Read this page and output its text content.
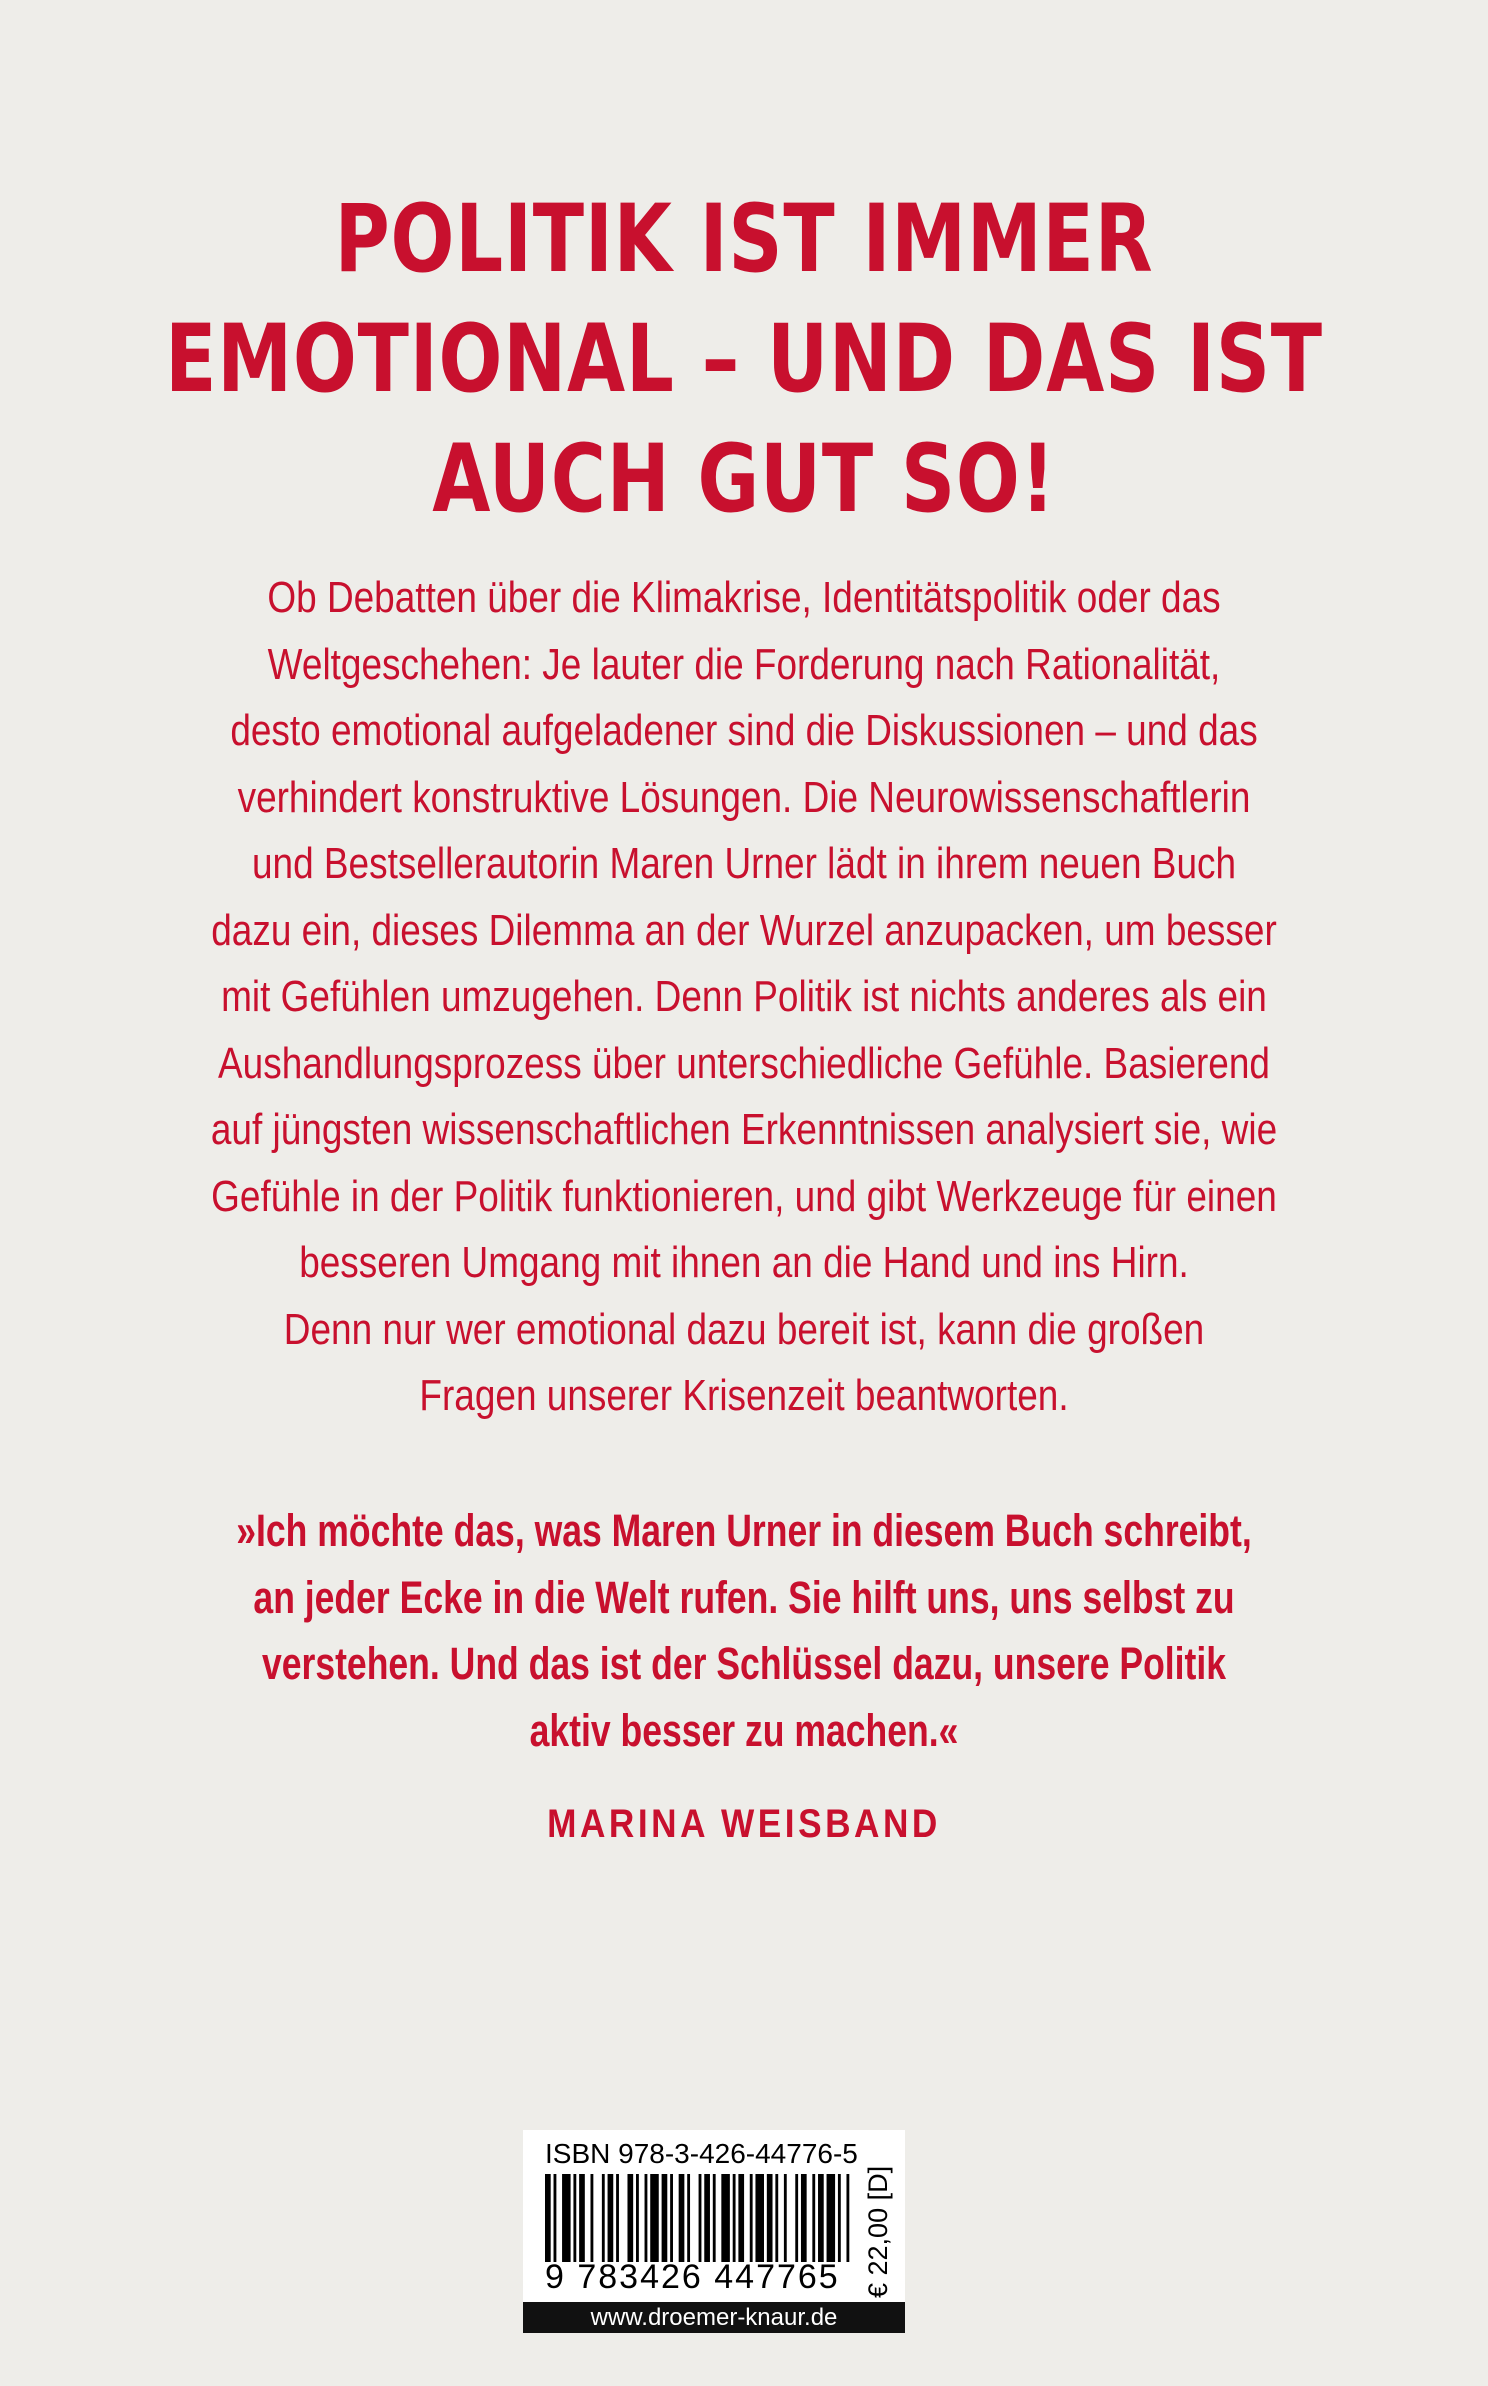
POLITIK IST IMMER
EMOTIONAL – UND DAS IST
AUCH GUT SO!
Ob Debatten über die Klimakrise, Identitätspolitik oder das
Weltgeschehen: Je lauter die Forderung nach Rationalität,
desto emotional aufgeladener sind die Diskussionen – und das
verhindert konstruktive Lösungen. Die Neurowissenschaftlerin
und Bestsellerautorin Maren Urner lädt in ihrem neuen Buch
dazu ein, dieses Dilemma an der Wurzel anzupacken, um besser
mit Gefühlen umzugehen. Denn Politik ist nichts anderes als ein
Aushandlungsprozess über unterschiedliche Gefühle. Basierend
auf jüngsten wissenschaftlichen Erkenntnissen analysiert sie, wie
Gefühle in der Politik funktionieren, und gibt Werkzeuge für einen
besseren Umgang mit ihnen an die Hand und ins Hirn.
Denn nur wer emotional dazu bereit ist, kann die großen
Fragen unserer Krisenzeit beantworten.
»Ich möchte das, was Maren Urner in diesem Buch schreibt,
an jeder Ecke in die Welt rufen. Sie hilft uns, uns selbst zu
verstehen. Und das ist der Schlüssel dazu, unsere Politik
aktiv besser zu machen.«
MARINA WEISBAND
ISBN 978-3-426-44776-5
9 783426 447765 € 22,00 [D]
www.droemer-knaur.de
